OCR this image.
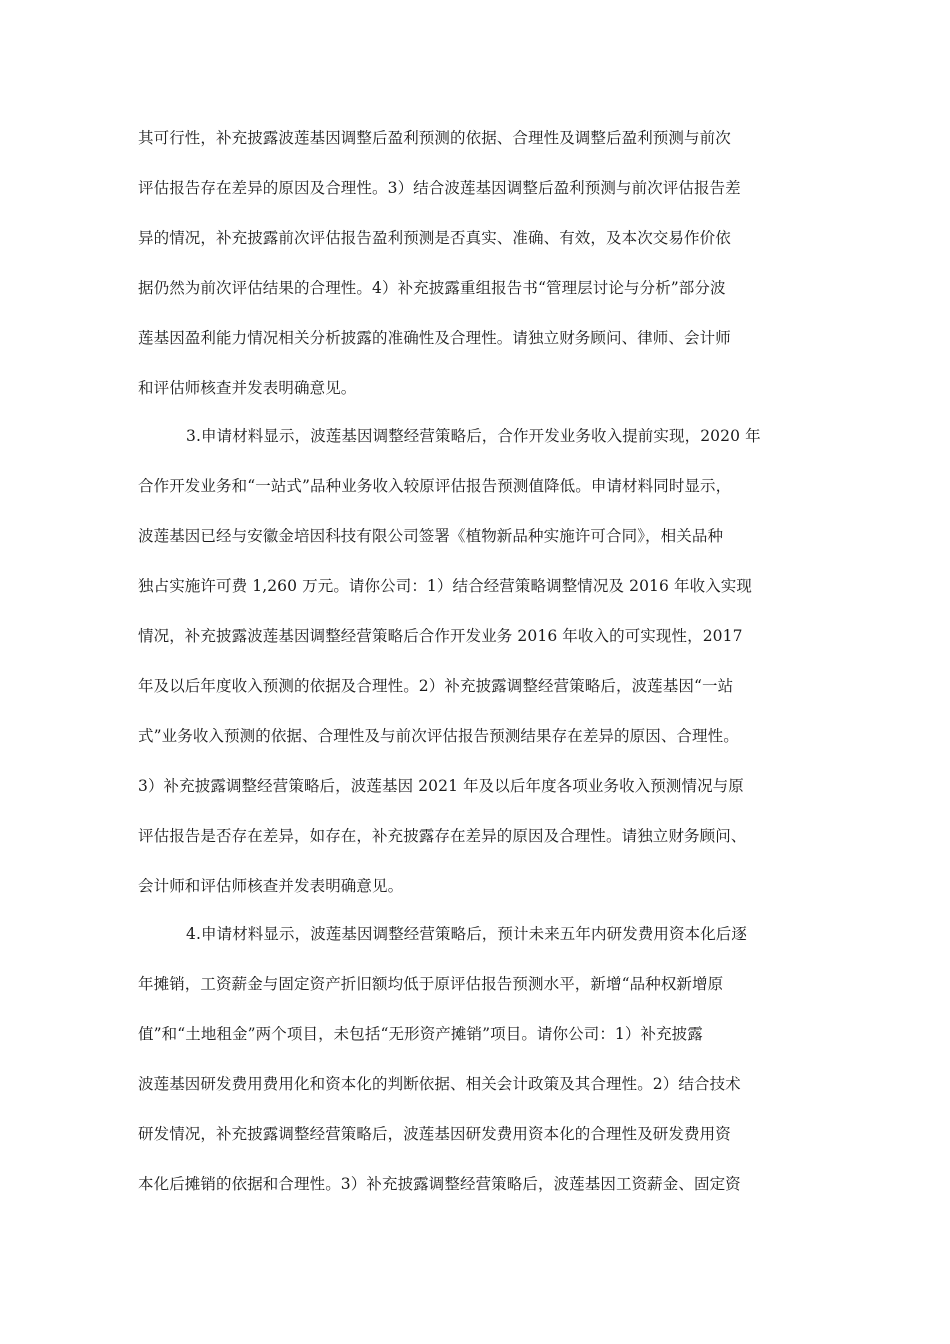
其可行性，补充披露波莲基因调整后盈利预测的依据、合理性及调整后盈利预测与前次
评估报告存在差异的原因及合理性。3）结合波莲基因调整后盈利预测与前次评估报告差
异的情况，补充披露前次评估报告盈利预测是否真实、准确、有效，及本次交易作价依
据仍然为前次评估结果的合理性。4）补充披露重组报告书“管理层讨论与分析”部分波
莲基因盈利能力情况相关分析披露的准确性及合理性。请独立财务顾问、律师、会计师
和评估师核查并发表明确意见。
3.申请材料显示，波莲基因调整经营策略后，合作开发业务收入提前实现，2020 年
合作开发业务和“一站式”品种业务收入较原评估报告预测值降低。申请材料同时显示，
波莲基因已经与安徽金培因科技有限公司签署《植物新品种实施许可合同》，相关品种
独占实施许可费 1,260 万元。请你公司：1）结合经营策略调整情况及 2016 年收入实现
情况，补充披露波莲基因调整经营策略后合作开发业务 2016 年收入的可实现性，2017
年及以后年度收入预测的依据及合理性。2）补充披露调整经营策略后，波莲基因“一站
式”业务收入预测的依据、合理性及与前次评估报告预测结果存在差异的原因、合理性。
3）补充披露调整经营策略后，波莲基因 2021 年及以后年度各项业务收入预测情况与原
评估报告是否存在差异，如存在，补充披露存在差异的原因及合理性。请独立财务顾问、
会计师和评估师核查并发表明确意见。
4.申请材料显示，波莲基因调整经营策略后，预计未来五年内研发费用资本化后逐
年摊销，工资薪金与固定资产折旧额均低于原评估报告预测水平，新增“品种权新增原
值”和“土地租金”两个项目，未包括“无形资产摊销”项目。请你公司：1）补充披露
波莲基因研发费用费用化和资本化的判断依据、相关会计政策及其合理性。2）结合技术
研发情况，补充披露调整经营策略后，波莲基因研发费用资本化的合理性及研发费用资
本化后摊销的依据和合理性。3）补充披露调整经营策略后，波莲基因工资薪金、固定资
